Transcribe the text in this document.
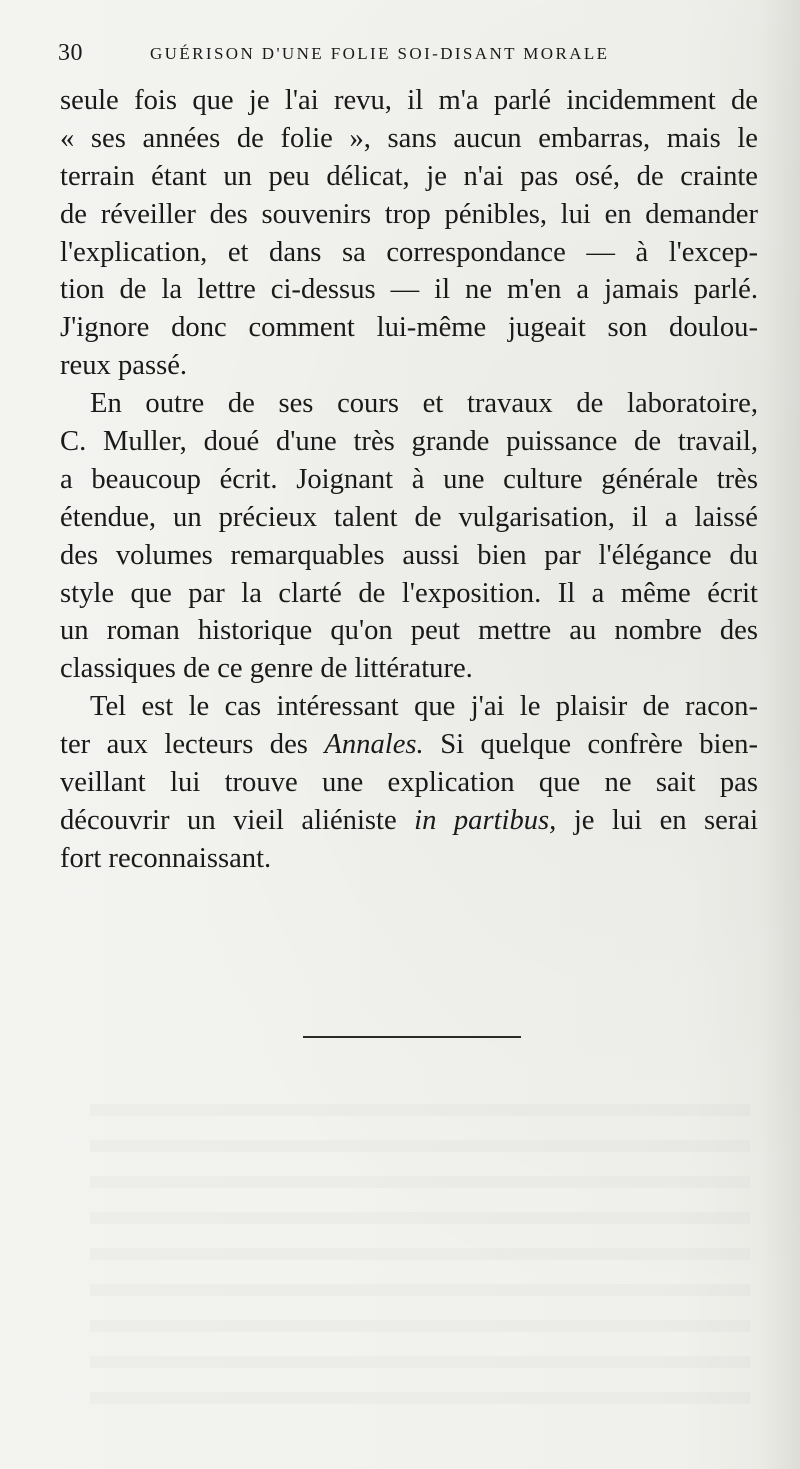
30	GUÉRISON D'UNE FOLIE SOI-DISANT MORALE
seule fois que je l'ai revu, il m'a parlé incidemment de
« ses années de folie », sans aucun embarras, mais le
terrain étant un peu délicat, je n'ai pas osé, de crainte
de réveiller des souvenirs trop pénibles, lui en demander
l'explication, et dans sa correspondance — à l'excep-
tion de la lettre ci-dessus — il ne m'en a jamais parlé.
J'ignore donc comment lui-même jugeait son doulou-
reux passé.
En outre de ses cours et travaux de laboratoire,
C. Muller, doué d'une très grande puissance de travail,
a beaucoup écrit. Joignant à une culture générale très
étendue, un précieux talent de vulgarisation, il a laissé
des volumes remarquables aussi bien par l'élégance du
style que par la clarté de l'exposition. Il a même écrit
un roman historique qu'on peut mettre au nombre des
classiques de ce genre de littérature.
Tel est le cas intéressant que j'ai le plaisir de racon-
ter aux lecteurs des Annales. Si quelque confrère bien-
veillant lui trouve une explication que ne sait pas
découvrir un vieil aliéniste in partibus, je lui en serai
fort reconnaissant.
